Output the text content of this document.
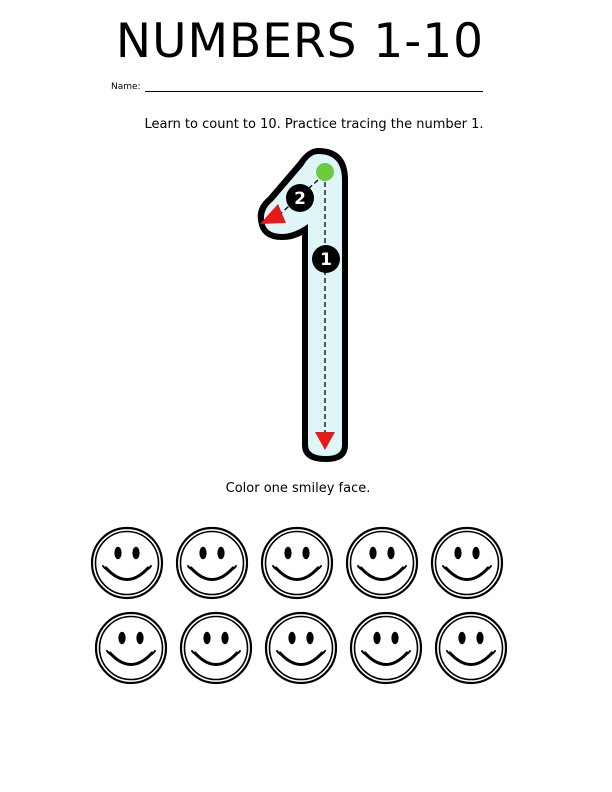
NUMBERS 1-10
Name:

Learn to count to 10. Practice tracing the number 1.

1
2

Color one smiley face.
